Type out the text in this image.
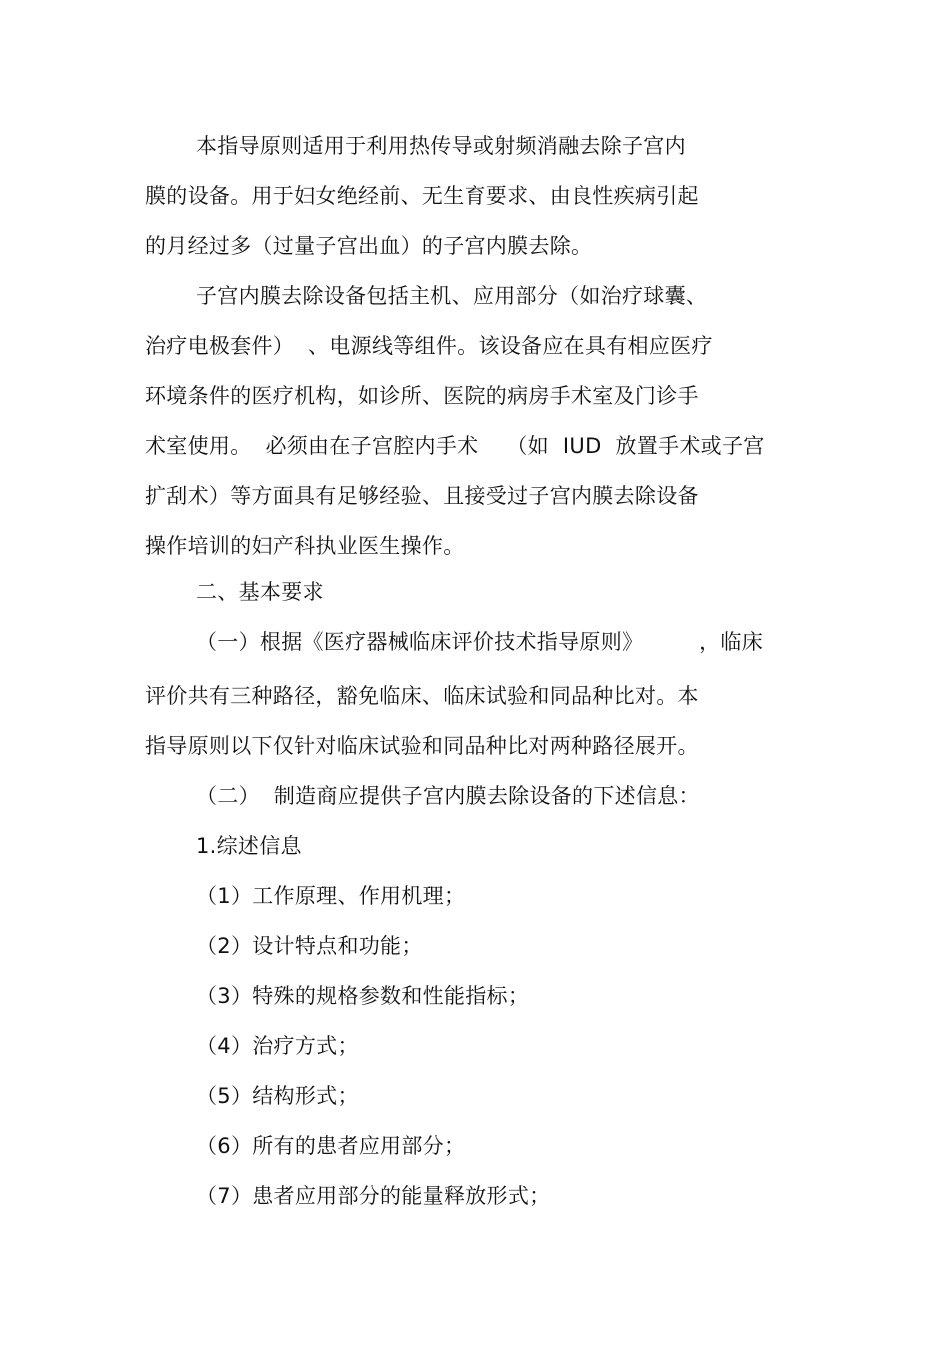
本指导原则适用于利用热传导或射频消融去除子宫内
膜的设备。用于妇女绝经前、无生育要求、由良性疾病引起
的月经过多（过量子宫出血）的子宫内膜去除。
子宫内膜去除设备包括主机、应用部分（如治疗球囊、
治疗电极套件）  、电源线等组件。该设备应在具有相应医疗
环境条件的医疗机构，如诊所、医院的病房手术室及门诊手
术室使用。  必须由在子宫腔内手术    （如  IUD  放置手术或子宫
扩刮术）等方面具有足够经验、且接受过子宫内膜去除设备
操作培训的妇产科执业医生操作。
二、基本要求
（一）根据《医疗器械临床评价技术指导原则》        ，临床
评价共有三种路径，豁免临床、临床试验和同品种比对。本
指导原则以下仅针对临床试验和同品种比对两种路径展开。
（二）  制造商应提供子宫内膜去除设备的下述信息：
1.综述信息
（1）工作原理、作用机理；
（2）设计特点和功能；
（3）特殊的规格参数和性能指标；
（4）治疗方式；
（5）结构形式；
（6）所有的患者应用部分；
（7）患者应用部分的能量释放形式；
